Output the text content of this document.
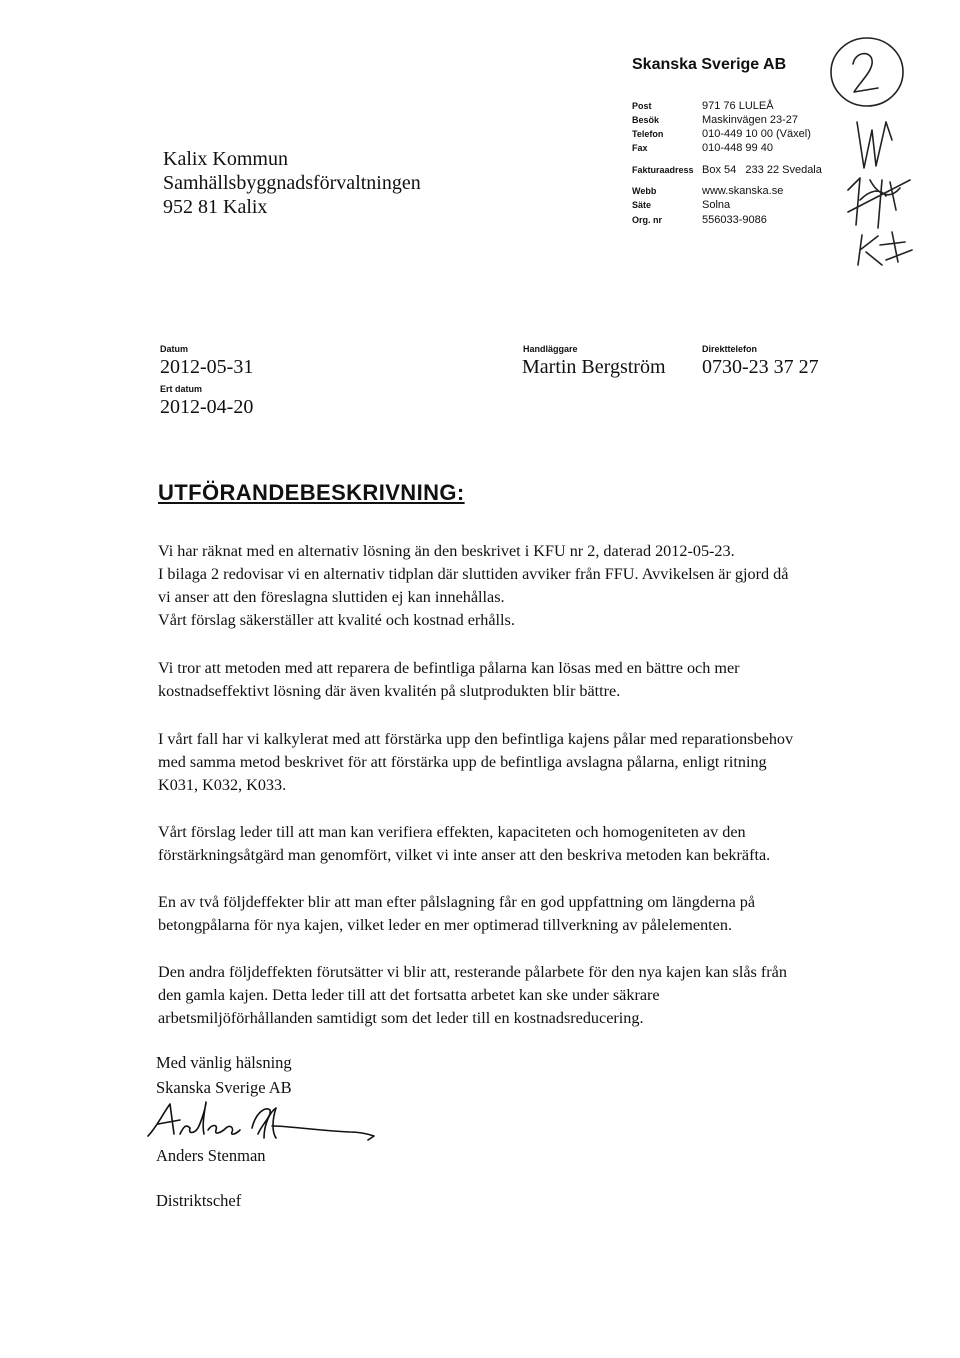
Skanska Sverige AB
Post	971 76 LULEÅ
Besök	Maskinvägen 23-27
Telefon	010-449 10 00 (Växel)
Fax	010-448 99 40
Fakturaadress Box 54   233 22 Svedala
Webb	www.skanska.se
Säte	Solna
Org. nr	556033-9086
Kalix Kommun
Samhällsbyggnadsförvaltningen
952 81 Kalix
Datum
2012-05-31
Ert datum
2012-04-20
Handläggare
Martin Bergström
Direkttelefon
0730-23 37 27
UTFÖRANDEBESKRIVNING:

Vi har räknat med en alternativ lösning än den beskrivet i KFU nr 2, daterad 2012-05-23.

I bilaga 2 redovisar vi en alternativ tidplan där sluttiden avviker från FFU. Avvikelsen är gjord då

vi anser att den föreslagna sluttiden ej kan innehållas.

Vårt förslag säkerställer att kvalité och kostnad erhålls.

Vi tror att metoden med att reparera de befintliga pålarna kan lösas med en bättre och mer

kostnadseffektivt lösning där även kvalitén på slutprodukten blir bättre.

I vårt fall har vi kalkylerat med att förstärka upp den befintliga kajens pålar med reparationsbehov

med samma metod beskrivet för att förstärka upp de befintliga avslagna pålarna, enligt ritning

K031, K032, K033.

Vårt förslag leder till att man kan verifiera effekten, kapaciteten och homogeniteten av den

förstärkningsåtgärd man genomfört, vilket vi inte anser att den beskriva metoden kan bekräfta.

En av två följdeffekter blir att man efter pålslagning får en god uppfattning om längderna på

betongpålarna för nya kajen, vilket leder en mer optimerad tillverkning av pålelementen.

Den andra följdeffekten förutsätter vi blir att, resterande pålarbete för den nya kajen kan slås från

den gamla kajen. Detta leder till att det fortsatta arbetet kan ske under säkrare

arbetsmiljöförhållanden samtidigt som det leder till en kostnadsreducering.

Med vänlig hälsning
Skanska Sverige AB
Anders Stenman
Distriktschef
